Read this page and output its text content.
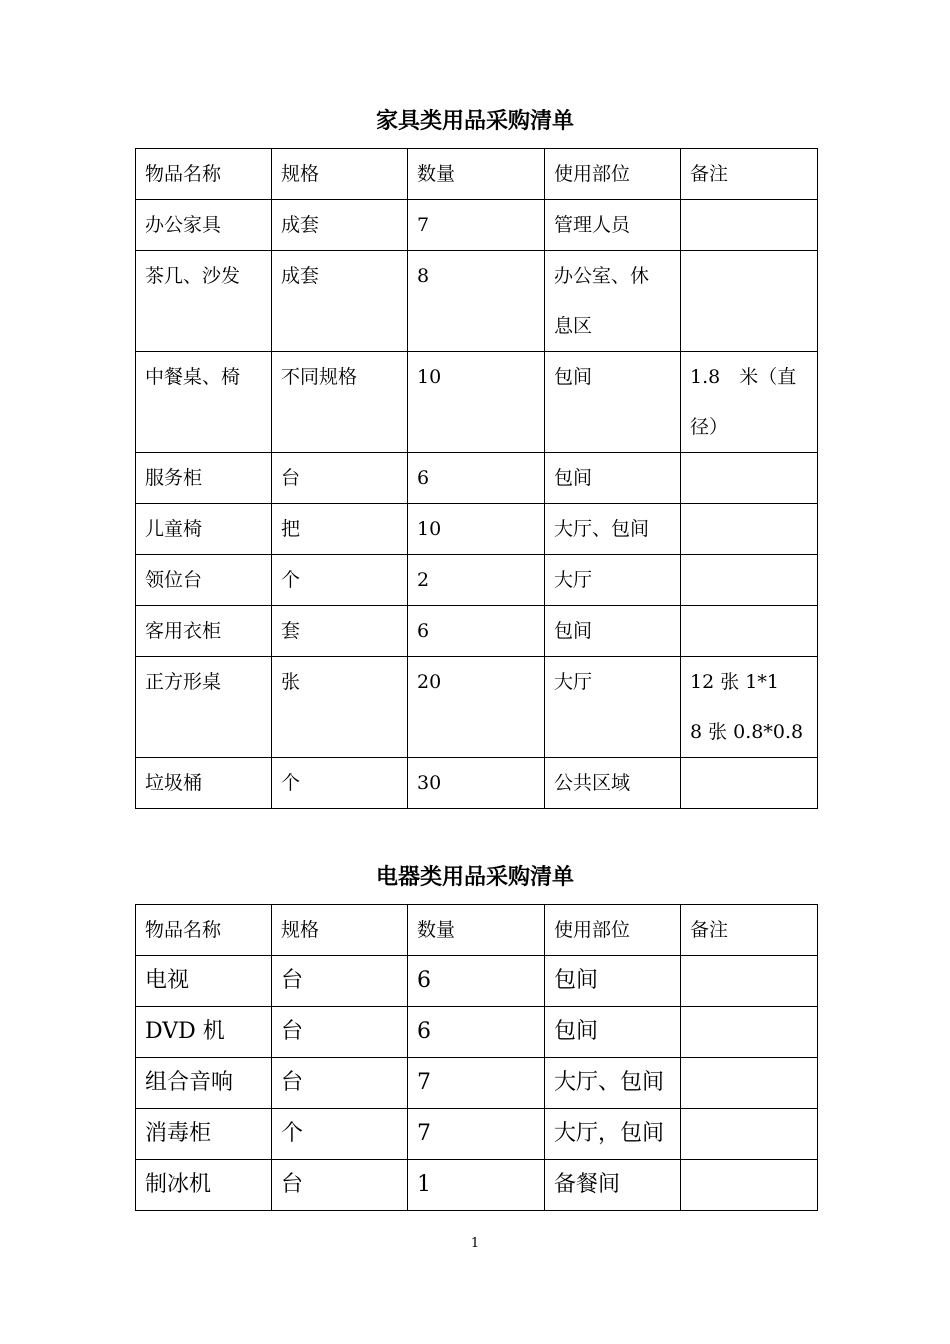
家具类用品采购清单
物品名称	规格	数量	使用部位	备注
办公家具	成套	7	管理人员	

茶几、沙发	成套	8	办公室、休
息区	

中餐桌、椅	不同规格	10	包间	1.8　米（直
径）

服务柜	台	6	包间	

儿童椅	把	10	大厅、包间	

领位台	个	2	大厅	

客用衣柜	套	6	包间	

正方形桌	张	20	大厅	12 张 1*1
8 张 0.8*0.8

垃圾桶	个	30	公共区域	

电器类用品采购清单
物品名称	规格	数量	使用部位	备注
电视	台	6	包间	

DVD 机	台	6	包间	

组合音响	台	7	大厅、包间	

消毒柜	个	7	大厅，包间	

制冰机	台	1	备餐间	

1
